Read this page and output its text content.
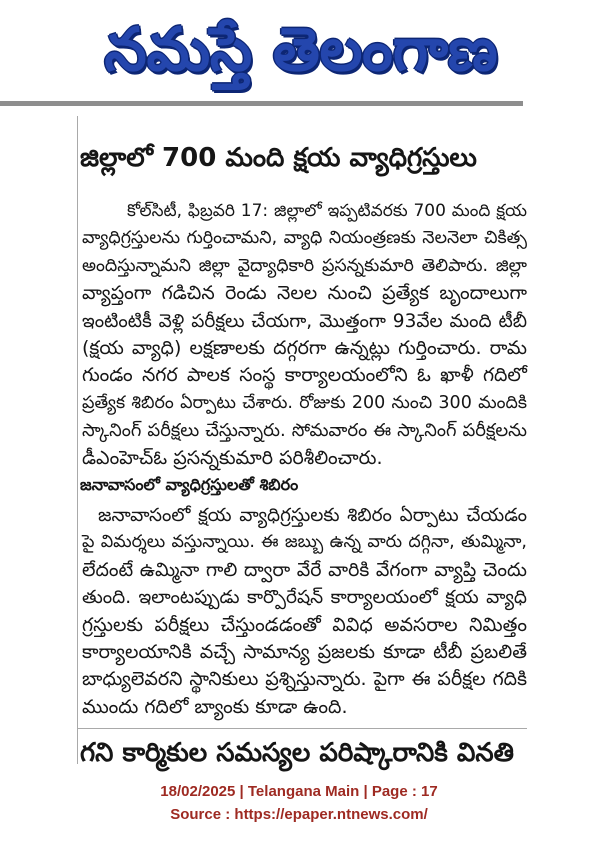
నమస్తే తెలంగాణ
జిల్లాలో 700 మంది క్షయ వ్యాధిగ్రస్తులు
కోల్‌సిటీ, ఫిబ్రవరి 17: జిల్లాలో ఇప్పటివరకు 700 మంది క్షయ
వ్యాధిగ్రస్తులను గుర్తించామని, వ్యాధి నియంత్రణకు నెలనెలా చికిత్స
అందిస్తున్నామని జిల్లా వైద్యాధికారి ప్రసన్నకుమారి తెలిపారు. జిల్లా
వ్యాప్తంగా గడిచిన రెండు నెలల నుంచి ప్రత్యేక బృందాలుగా
ఇంటింటికీ వెళ్లి పరీక్షలు చేయగా, మొత్తంగా 93వేల మంది టీబీ
(క్షయ వ్యాధి) లక్షణాలకు దగ్గరగా ఉన్నట్లు గుర్తించారు. రామ
గుండం నగర పాలక సంస్థ కార్యాలయంలోని ఓ ఖాళీ గదిలో
ప్రత్యేక శిబిరం ఏర్పాటు చేశారు. రోజుకు 200 నుంచి 300 మందికి
స్కానింగ్ పరీక్షలు చేస్తున్నారు. సోమవారం ఈ స్కానింగ్ పరీక్షలను
డీఎంహెచ్‌ఓ ప్రసన్నకుమారి పరిశీలించారు.
జనావాసంలో వ్యాధిగ్రస్తులతో శిబిరం
జనావాసంలో క్షయ వ్యాధిగ్రస్తులకు శిబిరం ఏర్పాటు చేయడం
పై విమర్శలు వస్తున్నాయి. ఈ జబ్బు ఉన్న వారు దగ్గినా, తుమ్మినా,
లేదంటే ఉమ్మినా గాలి ద్వారా వేరే వారికి వేగంగా వ్యాప్తి చెందు
తుంది. ఇలాంటప్పుడు కార్పొరేషన్ కార్యాలయంలో క్షయ వ్యాధి
గ్రస్తులకు పరీక్షలు చేస్తుండడంతో వివిధ అవసరాల నిమిత్తం
కార్యాలయానికి వచ్చే సామాన్య ప్రజలకు కూడా టీబీ ప్రబలితే
బాధ్యులెవరని స్థానికులు ప్రశ్నిస్తున్నారు. పైగా ఈ పరీక్షల గదికి
ముందు గదిలో బ్యాంకు కూడా ఉంది.
గని కార్మికుల సమస్యల పరిష్కారానికి వినతి
18/02/2025 | Telangana Main | Page : 17
Source : https://epaper.ntnews.com/
